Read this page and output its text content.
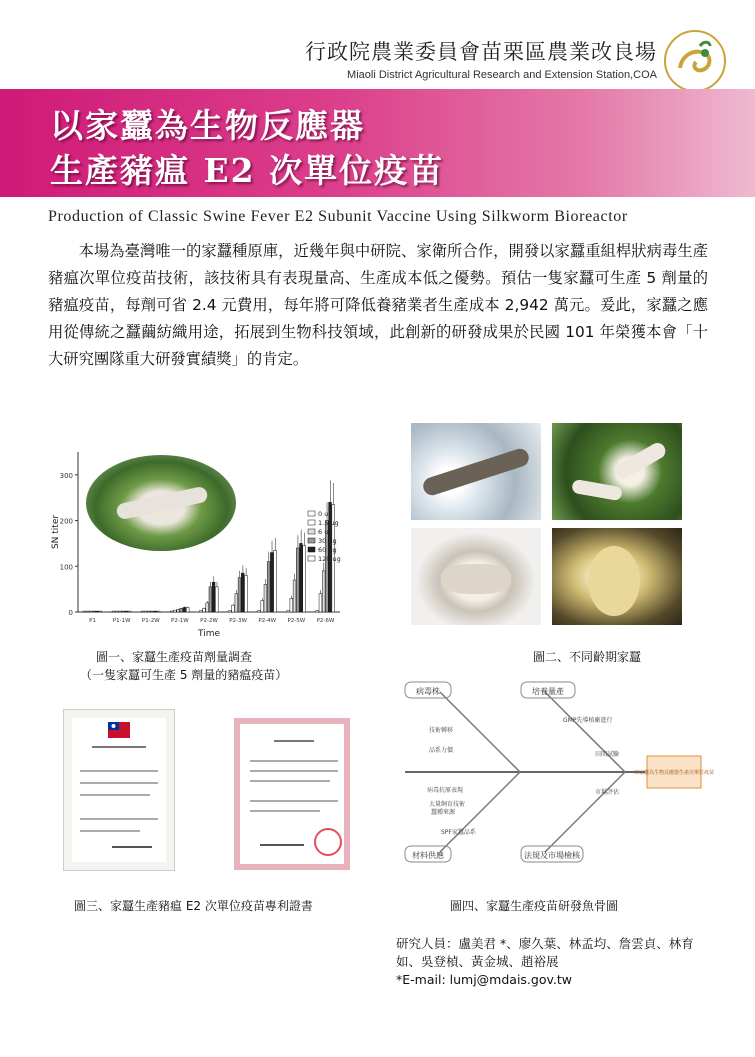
行政院農業委員會苗栗區農業改良場
Miaoli District Agricultural Research and Extension Station,COA
以家蠶為生物反應器
生產豬瘟 E2 次單位疫苗
Production of Classic Swine Fever E2 Subunit Vaccine Using Silkworm Bioreactor

本場為臺灣唯一的家蠶種原庫，近幾年與中研院、家衛所合作，開發以家蠶重組桿狀病毒生產豬瘟次單位疫苗技術，該技術具有表現量高、生產成本低之優勢。預估一隻家蠶可生產 5 劑量的豬瘟疫苗，每劑可省 2.4 元費用，每年將可降低養豬業者生產成本 2,942 萬元。爰此，家蠶之應用從傳統之蠶繭紡織用途，拓展到生物科技領域，此創新的研發成果於民國 101 年榮獲本會「十大研究團隊重大研發實績獎」的肯定。

0
100
200
300
SN titer
Time
P1	P1-1W P1-2W P2-1W P2-2W P2-3W P2-4W P2-5W P2-6W
0 ug
1.5 ug
6 ug
30 ug
60 ug
120 ug
圖一、家蠶生產疫苗劑量調查
（一隻家蠶可生產 5 劑量的豬瘟疫苗）
圖二、不同齡期家蠶
圖三、家蠶生產豬瘟 E2 次單位疫苗專利證書
病毒株	培養量產
材料供應	法規及市場檢核
以家蠶為生物反應器生產次單位疫苗
GMP先導植廠進行
技術轉移
品系力價
病毒抗原表現
蠶種來源
大量飼育技術
SPF家蠶品系
田間試驗
市場評估
圖四、家蠶生產疫苗研發魚骨圖
研究人員：盧美君 *、廖久葉、林孟均、詹雲貞、林育如、吳登楨、黃金城、趙裕展
*E-mail: lumj@mdais.gov.tw
